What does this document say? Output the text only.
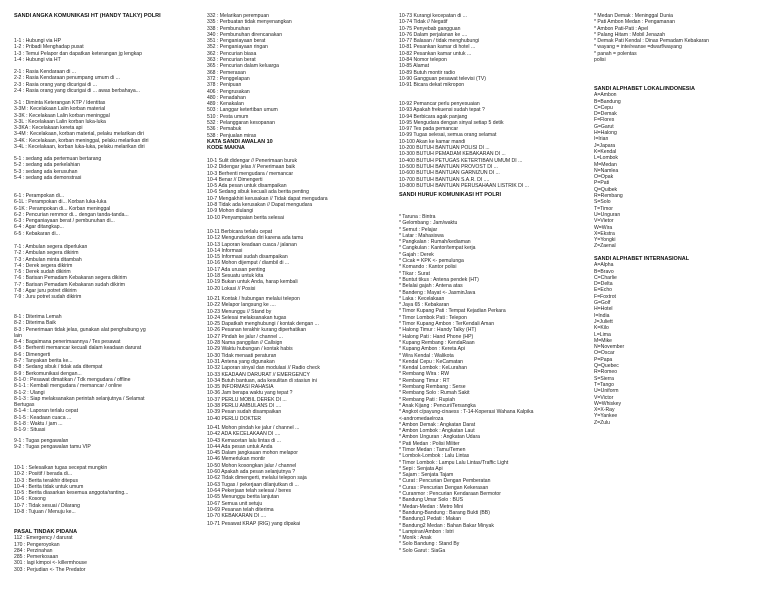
SANDI ANGKA KOMUNIKASI HT (HANDY TALKY) POLRI
1-1 : Hubungi via HP
1-2 : Pribadi Menghadap pusat
1-3 : Temui Pelapor dan dapatkan keterangan jg lengkap
1-4 : Hubungi via HT
2-1 : Rasia Kendaraan di ...
2-2 : Rasia Kendaraan penumpang umum di ...
2-3 : Rasia orang yang dicurigai di ...
2-4 : Rasia orang yang dicurigai di ... awas berbahaya...
3-1 : Diminta Keterangan KTP / Identitas
3-3M : Kecelakaan Lalin korban material
3-3K : Kecelakaan Lalin korban meninggal
3-3L : Kecelakaan Lalin korban luka-luka
3-3KA : Kecelakaan kereta api
3-4M : Kecelakaan, korban material, pelaku melarikan diri
3-4K : Kecelakaan, korban meninggal, pelaku melarikan diri
3-4L : Kecelakaan, korban luka-luka, pelaku melarikan diri
5-1 : sedang ada pertemuan bertarang
5-2 : sedang ada perkelahian
5-3 : sedang ada kerusuhan
5-4 : sedang ada demonstrasi
6-1 : Perampokan di...
6-1L : Perampokan di... Korban luka-luka
6-1K : Perampokan di... Korban meninggal
6-2 : Pencurian rernmor di... dengan tanda-tanda...
6-3 : Penganiayaan berat / pembunuhan di...
6-4 : Agar ditangkap...
6-5 : Kebakaran di...
7-1 : Ambulan segera diperlukan
7-2 : Ambulan segera dikirim
7-3 : Ambulan minta ditambah
7-4 : Derek segera dikirim
7-5 : Derek sudah dikirim
7-6 : Barisan Pemadam Kebakaran segera dikirim
7-7 : Barisan Pemadam Kebakaran sudah dikirim
7-8 : Agar juru potret dikirim
7-9 : Juru potret sudah dikirim
8-1 : Diterima Lemah
8-2 : Diterima Baik
8-3 : Penerimaan tidak jelas, gunakan alat penghubung yg
lain
8-4 : Bagaimana penerimaannya / Tes pesawat
8-5 : Berhenti memancar kecuali dalam keadaan darurat
8-6 : Dimengerti
8-7 : Tanyakan berita ke...
8-8 : Sedang sibuk / tidak ada ditempat
8-9 : Berkomunikasi dengan...
8-1-0 : Pesawat dimatikan / Tdk mengudara / offline
8-1-1 : Kembali mengudara / memancar / online
8-1-2 : Ulangi
8-1-3 : Siap melaksanakan perintah selanjutnya / Selamat
Bertugas
8-1-4 : Laporan terlalu cepat
8-1-5 : Keadaan cuaca ...
8-1-8 : Waktu / jam ...
8-1-9 : Situasi
9-1 : Tugas pengawalan
9-2 : Tugas pengawalan tamu VIP
10-1 : Selesaikan tugas secepat mungkin
10-2 : Positif / berada di...
10-3 : Berita terakhir ditepus
10-4 : Berita tidak untuk umum
10-5 : Berita diasarkan kesemua anggota/ranting...
10-6 : Kosong
10-7 : Tidak sesuai / Dilarang
10-8 : Tujuan / Menuju ke...
PASAL TINDAK PIDANA
112 : Emergency / darurat
170 : Pengeroyokan
284 : Perzinahan
285 : Pemerkosaan
301 : lagi kimpoi <- killermhouse
303 : Perjudian <- The Predator
332 : Melarikan perempuan
335 : Perbuatan tidak menyenangkan
338 : Pembunuhan
340 : Pembunuhan direncanakan
351 : Penganiayaan berat
352 : Penganiayaan ringan
362 : Pencurian biasa
363 : Pencurian berat
365 : Pencurian dalam keluarga
368 : Pemerasan
372 : Penggelapan
378 : Penipuan
406 : Pengrusakan
480 : Penadahan
489 : Kenakalan
503 : Langgar ketertiban umum
510 : Pesta umum
532 : Pelanggaran kesopanan
536 : Pemabuk
538 : Penjualan miras
KATA SANDI AWALAN 10
KODE MAKNA
10-1 Sulit didengar // Penerimaan buruk
10-2 Didengar jelas // Penerimaan baik
10-3 Berhenti mengudara / memancar
10-4 Benar // Dimengerti
10-5 Ada pesan untuk disampaikan
10-6 Sedang sibuk kecuali ada berita penting
10-7 Mengakhiri kerusakan // Tidak dapat mengudara
10-8 Tidak ada kerusakan // Dapat mengudara
10-9 Mohon diulangi
10-10 Penyampaian berita selesai
10-11 Berbicara terlalu cepat
10-12 Mengundurkan diri karena ada tamu
10-13 Laporan keadaan cuaca / jalanan
10-14 Informasi
10-15 Informasi sudah disampaikan
10-16 Mohon dijemput / diambil di ...
10-17 Ada urusan penting
10-18 Sesuatu untuk kita
10-19 Bukan untuk Anda, harap kembali
10-20 Lokasi // Posisi
10-21 Kontak / hubungan melalui telepon
10-22 Melapor langsung ke ....
10-23 Menunggu // Stand by
10-24 Selesai melaksanakan tugas
10-25 Dapatkah menghubungi / kontak dengan ...
10-26 Pesanan terakhir kurang diperhatikan
10-27 Pindah ke jalur / channel ...
10-28 Nama panggilan // Callsign
10-29 Waktu hubungan / kontak habis
10-30 Tidak menaati peraturan
10-31 Antena yang digunakan
10-32 Laporan sinyal dan modulasi // Radio check
10-33 KEADAAN DARURAT // EMERGENCY
10-34 Butuh bantuan, ada kesulitan di stasiun ini
10-35 INFORMASI RAHASIA
10-36 Jam berapa waktu yang tepat ?
10-37 PERLU MOBIL DEREK DI ...
10-38 PERLU AMBULANS DI ....
10-39 Pesan sudah disampaikan
10-40 PERLU DOKTER
10-41 Mohon pindah ke jalur / channel ...
10-42 ADA KECELAKAAN DI ....
10-43 Kemacetan lalu lintas di ...
10-44 Ada pesan untuk Anda
10-45 Dalam jangkauan mohon melapor
10-46 Memerlukan montir
10-50 Mohon kosongkan jalur / channel
10-60 Apakah ada pesan selanjutnya ?
10-62 Tidak dimengerti, melalui telepon saja
10-63 Tugas / pekerjaan dilanjutkan di ...
10-64 Pekerjaan telah selesai / beres
10-65 Menunggu berita lanjutan
10-67 Semua unit setuju
10-69 Pesanan telah diterima
10-70 KEBAKARAN DI ....
10-71 Pesawat KRAP (RIG) yang dipakai
10-73 Kurangi kecepatan di ...
10-74 Tidak // Negatif
10-75 Penyebab gangguan
10-76 Dalam perjalanan ke ....
10-77 Balasan / tidak menghubungi
10-81 Pesankan kamar di hotel ...
10-82 Pesankan kamar untuk ...
10-84 Nomor telepon
10-85 Alamat
10-89 Butuh montir radio
10-90 Gangguan pesawat televisi (TV)
10-91 Bicara dekat mikropon
10-92 Pemancar perlu penyesuaian
10-93 Apakah frekuensi sudah tepat ?
10-94 Berbicara agak panjang
10-95 Mengudara dengan sinyal setiap 5 detik
10-97 Tes pada pemancar
10-99 Tugas selesai, semua orang selamat
10-100 Akan ke kamar mandi
10-200 BUTUH BANTUAN POLISI DI ...
10-300 BUTUH PEMADAM KEBAKARAN DI ...
10-400 BUTUH PETUGAS KETERTIBAN UMUM DI ...
10-500 BUTUH BANTUAN PROVOST DI ...
10-600 BUTUH BANTUAN GARNIZUN DI ...
10-700 BUTUH BANTUAN S.A.R. DI ....
10-800 BUTUH BANTUAN PERUSAHAAN LISTRIK DI ...
SANDI HURUF KOMUNIKASI HT POLRI
* Taruna : Bintra
* Gelombang : Jam/waktu
* Semut : Pelajar
* Latar : Mahasiswa
* Pangkalan : Rumah/kediaman
* Cangkulan : Kantor/tempat kerja
* Gajah : Derek
* Cicak = KPK <- pemulunga
* Komando : Kantor polisi
* Tikar : Surat
* Buntut tikus : Antena pendek (HT)
* Belalai gajah : Antena atas
* Bandeng : Mayat <- JasminJava
* Laka : Kecelakaan
* Jaya 65 : Kebakaran
* Timor Kupang Pati : Tempat Kejadian Perkara
* Timor Lombok Pati : Telepon
* Timor Kupang Ambon : TerKendali Aman
* Halong Timur : Handy Talky (HT)
* Halong Pati : Hand Phone (HP)
* Kupang Rembang : KendaRaan
* Kupang Ambon : Kereta Api
* Wira Kendal : Walikota
* Kendal Cepu : KeCamatan
* Kendal Lombok : KeLurahan
* Rembang Wira : RW
* Rembang Timur : RT
* Rembang Rembang : Serse
* Rembang Solo : Rumah Sakit
* Rembang Pati : Rupiah
* Anak Kijang : Pencuri/Tersangka
* Angkot c/payung-cinaess : T-14-Koperasi Wahana Kalpika
<-andromedaelroza
* Ambon Demak : Angkatan Darat
* Ambon Lombok : Angkatan Laut
* Ambon Unguran : Angkatan Udara
* Pati Medan : Polisi Militer
* Timor Medan : Tamu/Temen
* Lombok-Lombok : Lalu Lintas
* Timor Lombok : Lampu Lalu Lintas/Traffic Light
* Sepi : Senjata Api
* Sajam : Senjata Tajam
* Curat : Pencurian Dengan Pemberatan
* Curas : Pencurian Dengan Kekerasan
* Curanmor : Pencurian Kendaraan Bermotor
* Bandung Umar Solo : BUS
* Medan-Medan : Metro Mini
* Bandung-Bandung : Barang Bukti (BB)
* Bandung1 Pedati : Makan
* Bandung2 Medan : Bahan Bakar Minyak
* Lampiran/Ambon : Istri
* Monik : Anak
* Solo Bandung : Stand By
* Solo Garut : SiaGa
* Medan Demak : Meninggal Dunia
* Pati Ambon Medan : Pengamanan
* Ambon Pati-Pati : Apel
* Palang Hitam : Mobil Jenazah
* Demak Pati Kendal : Dinas Pemadam Kebakaran
* wayang = inte/reanse =dwarf/wayang
* panah = polentas
polisi
SANDI ALPHABET LOKAL/INDONESIA
A=Ambon
B=Bandung
C=Cepu
D=Demak
F=Flores
G=Garut
H=Halong
I=Irian
J=Japara
K=Kendal
L=Lombok
M=Medan
N=Namlea
O=Opak
P=Pati
Q=Quibek
R=Rembang
S=Solo
T=Timor
U=Unguran
V=Vietor
W=Wira
X=Ekstra
Y=Yongki
Z=Zaenal
SANDI ALPHABET INTERNASIONAL
A=Alpha
B=Bravo
C=Charlie
D=Delta
E=Echo
F=Foxtrot
G=Golf
H=Hotel
I=India
J=Juliett
K=Kilo
L=Lima
M=Mike
N=November
O=Oscar
P=Papa
Q=Quebec
R=Romeo
S=Sierra
T=Tango
U=Uniform
V=Victor
W=Whiskey
X=X-Ray
Y=Yankee
Z=Zulu
